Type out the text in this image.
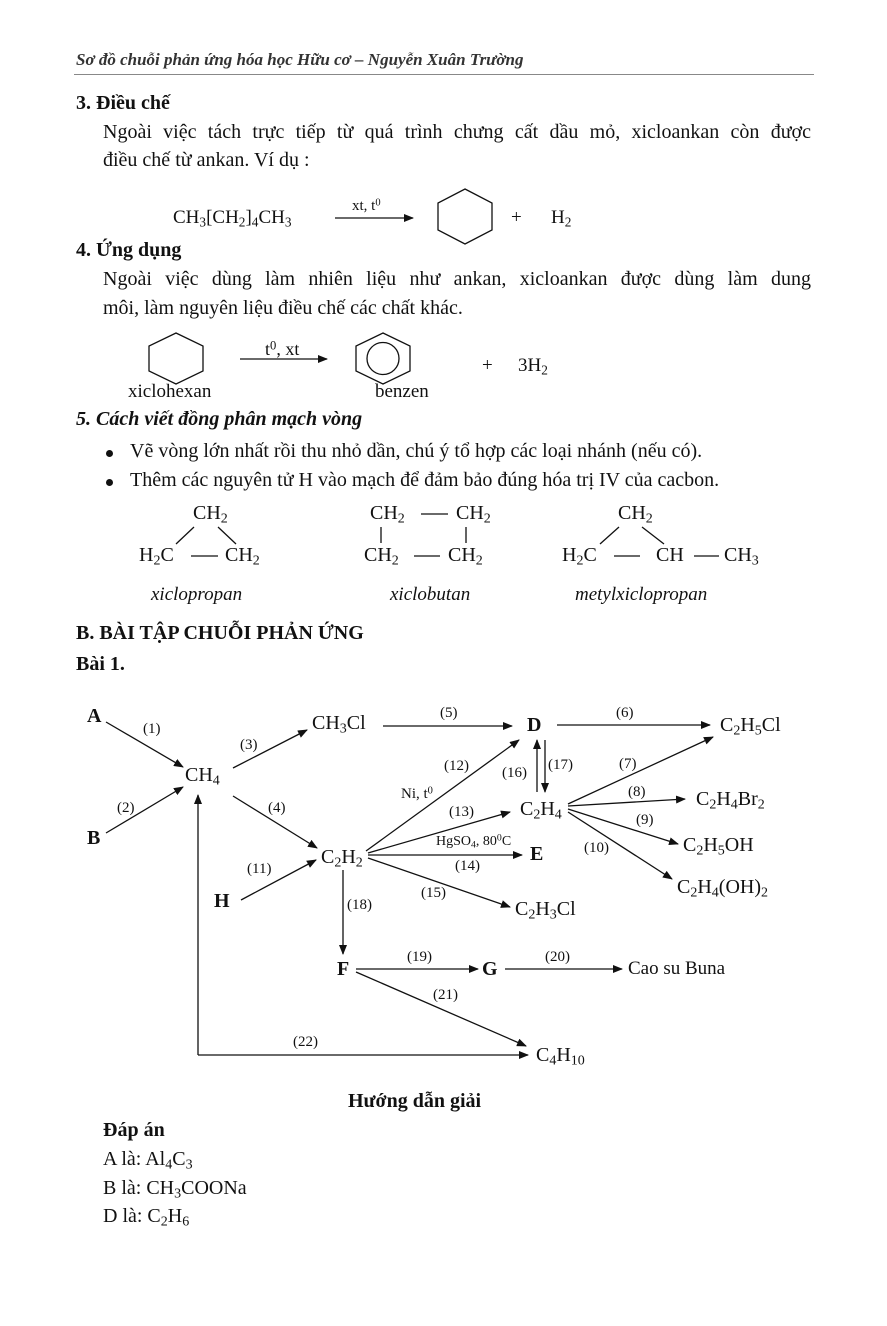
Sơ đồ chuỗi phản ứng hóa học Hữu cơ – Nguyễn Xuân Trường
3. Điều chế
Ngoài việc tách trực tiếp từ quá trình chưng cất dầu mỏ, xicloankan còn được
điều chế từ ankan. Ví dụ :
$CH_3[CH_2]_4CH_3$
xt, $t^0$
+ $H_2$
4. Ứng dụng
Ngoài việc dùng làm nhiên liệu như ankan, xicloankan được dùng làm dung
môi, làm nguyên liệu điều chế các chất khác.
xiclohexan
$t^0$, xt
benzen
+ $3H_2$
5. Cách viết đồng phân mạch vòng
Vẽ vòng lớn nhất rồi thu nhỏ dần, chú ý tổ hợp các loại nhánh (nếu có).
Thêm các nguyên tử H vào mạch để đảm bảo đúng hóa trị IV của cacbon.
$CH_2$
$H_2C$	$CH_2$
xiclopropan
$CH_2$	$CH_2$
$CH_2$ $CH_2$
xiclobutan
$CH_2$
$H_2C$	CH $CH_3$
metylxiclopropan
B. BÀI TẬP CHUỖI PHẢN ỨNG
Bài 1.
A
B
$CH_4$
$CH_3Cl$	D	$C_2H_5Cl$
$C_2H_4$
$C_2H_4Br_2$
$C_2H_5OH$
$C_2H_4(OH)_2$
$C_2H_2$
H
E
$C_2H_3Cl$
F	G	Cao su Buna
$C_4H_{10}$
Ni, $t^0$
HgSO$_4$, $80^0C$
(1)
(2)
(3)
(4)
(5)	(6)
(7)
(8)
(9)
(10)
(11)
(12)
(13)
(14)
(15)
(16) (17)
(18)
(19)	(20)
(21)
(22)
Hướng dẫn giải
Đáp án
A là: $Al_4C_3$
B là: $CH_3COONa$
D là: $C_2H_6$
